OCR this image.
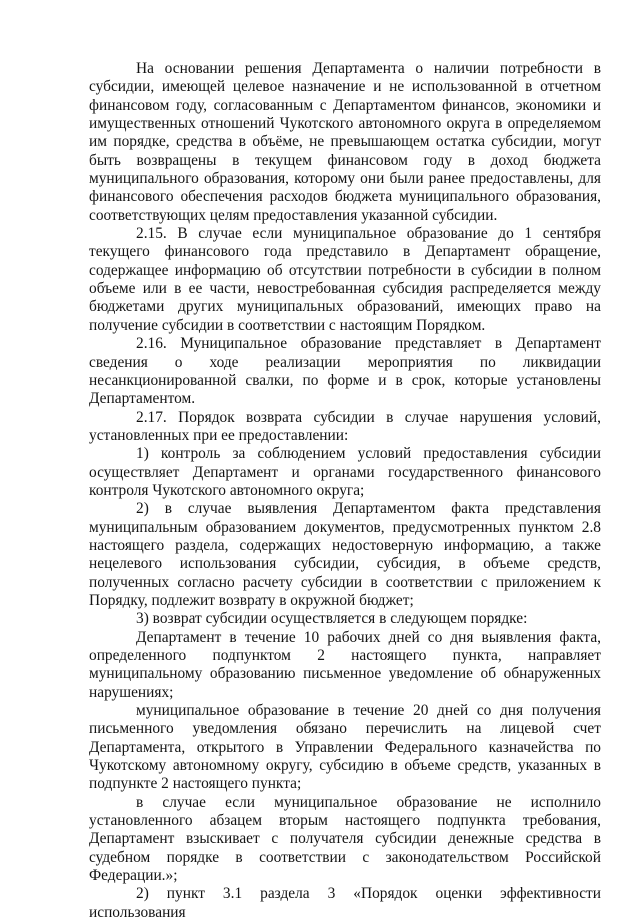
На основании решения Департамента о наличии потребности в субсидии, имеющей целевое назначение и не использованной в отчетном финансовом году, согласованным с Департаментом финансов, экономики и имущественных отношений Чукотского автономного округа в определяемом им порядке, средства в объёме, не превышающем остатка субсидии, могут быть возвращены в текущем финансовом году в доход бюджета муниципального образования, которому они были ранее предоставлены, для финансового обеспечения расходов бюджета муниципального образования, соответствующих целям предоставления указанной субсидии.

2.15. В случае если муниципальное образование до 1 сентября текущего финансового года представило в Департамент обращение, содержащее информацию об отсутствии потребности в субсидии в полном объеме или в ее части, невостребованная субсидия распределяется между бюджетами других муниципальных образований, имеющих право на получение субсидии в соответствии с настоящим Порядком.

2.16. Муниципальное образование представляет в Департамент сведения о ходе реализации мероприятия по ликвидации несанкционированной свалки, по форме и в срок, которые установлены Департаментом.

2.17. Порядок возврата субсидии в случае нарушения условий, установленных при ее предоставлении:

1) контроль за соблюдением условий предоставления субсидии осуществляет Департамент и органами государственного финансового контроля Чукотского автономного округа;

2) в случае выявления Департаментом факта представления муниципальным образованием документов, предусмотренных пунктом 2.8 настоящего раздела, содержащих недостоверную информацию, а также нецелевого использования субсидии, субсидия, в объеме средств, полученных согласно расчету субсидии в соответствии с приложением к Порядку, подлежит возврату в окружной бюджет;

3) возврат субсидии осуществляется в следующем порядке:

Департамент в течение 10 рабочих дней со дня выявления факта, определенного подпунктом 2 настоящего пункта, направляет муниципальному образованию письменное уведомление об обнаруженных нарушениях;

муниципальное образование в течение 20 дней со дня получения письменного уведомления обязано перечислить на лицевой счет Департамента, открытого в Управлении Федерального казначейства по Чукотскому автономному округу, субсидию в объеме средств, указанных в подпункте 2 настоящего пункта;

в случае если муниципальное образование не исполнило установленного абзацем вторым настоящего подпункта требования, Департамент взыскивает с получателя субсидии денежные средства в судебном порядке в соответствии с законодательством Российской Федерации.»;

2) пункт 3.1 раздела 3 «Порядок оценки эффективности использования
